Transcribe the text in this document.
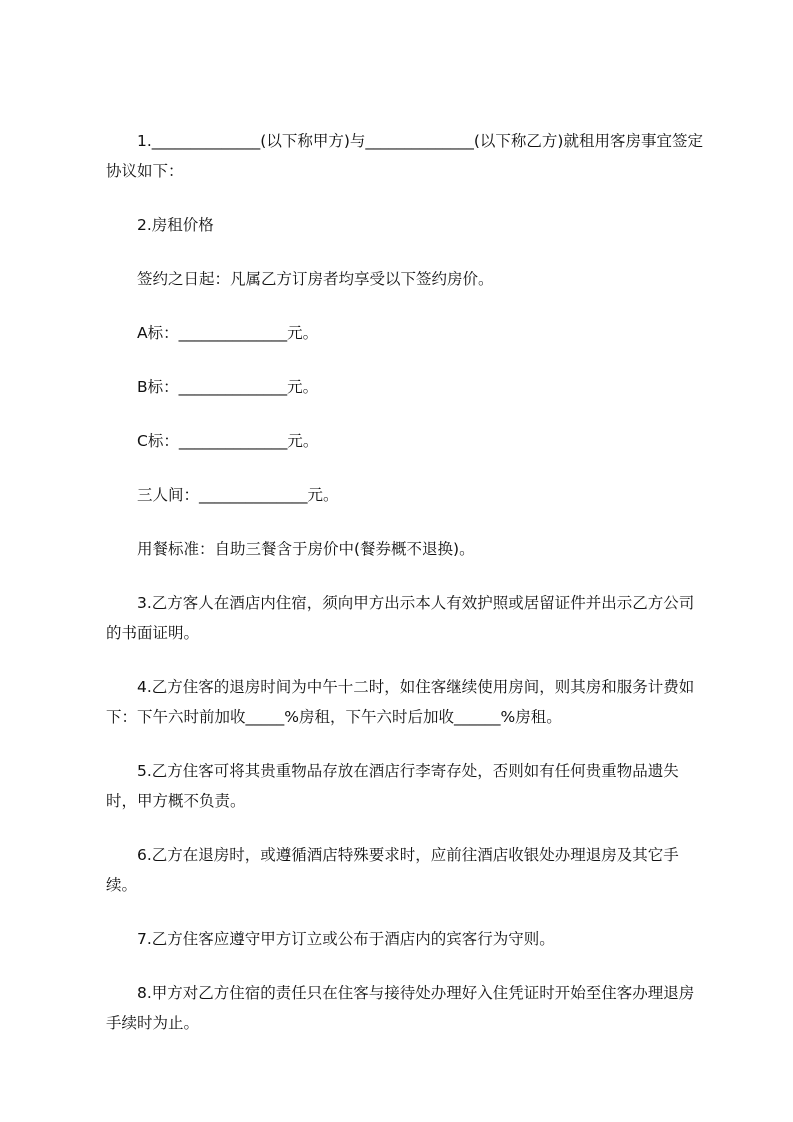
1.______________(以下称甲方)与______________(以下称乙方)就租用客房事宜签定协议如下：

2.房租价格

签约之日起：凡属乙方订房者均享受以下签约房价。

A标：______________元。

B标：______________元。

C标：______________元。

三人间：______________元。

用餐标准：自助三餐含于房价中(餐券概不退换)。

3.乙方客人在酒店内住宿，须向甲方出示本人有效护照或居留证件并出示乙方公司的书面证明。

4.乙方住客的退房时间为中午十二时，如住客继续使用房间，则其房和服务计费如下：下午六时前加收_____%房租，下午六时后加收______%房租。

5.乙方住客可将其贵重物品存放在酒店行李寄存处，否则如有任何贵重物品遗失时，甲方概不负责。

6.乙方在退房时，或遵循酒店特殊要求时，应前往酒店收银处办理退房及其它手续。

7.乙方住客应遵守甲方订立或公布于酒店内的宾客行为守则。

8.甲方对乙方住宿的责任只在住客与接待处办理好入住凭证时开始至住客办理退房手续时为止。
